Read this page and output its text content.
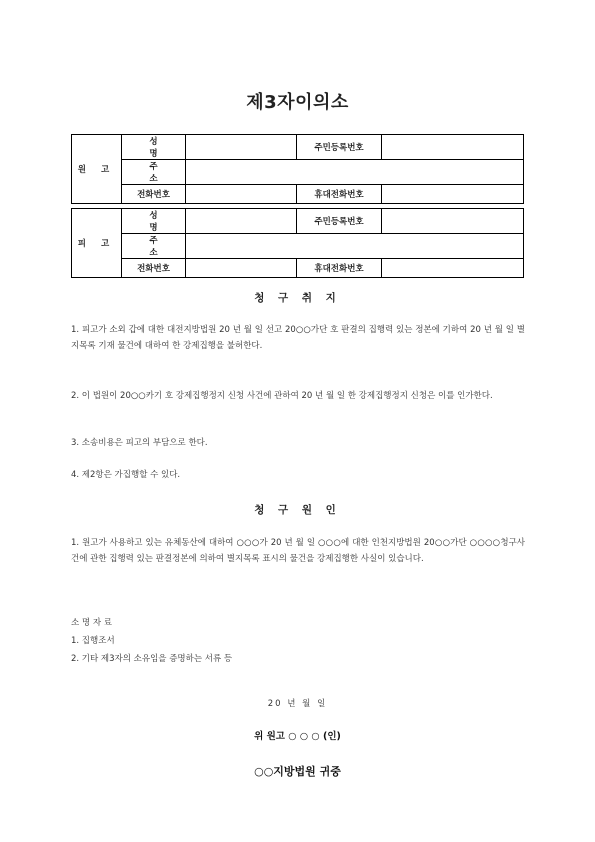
제3자이의소
원 고	성 명		주민등록번호	
	주 소			
	전화번호		휴대전화번호	

피 고	성 명		주민등록번호	
	주 소			
	전화번호		휴대전화번호	
청 구 취 지
1. 피고가 소외 갑에 대한 대전지방법원 20 년 월 일 선고 20○○가단 호 판결의 집행력 있는 정본에 기하여 20 년 월 일 별지목록 기재 물건에 대하여 한 강제집행을 불허한다.
2. 이 법원이 20○○카기 호 강제집행정지 신청 사건에 관하여 20 년 월 일 한 강제집행정지 신청은 이를 인가한다.
3. 소송비용은 피고의 부담으로 한다.
4. 제2항은 가집행할 수 있다.
청 구 원 인
1. 원고가 사용하고 있는 유체동산에 대하여 ○○○가 20 년 월 일 ○○○에 대한 인천지방법원 20○○가단 ○○○○청구사건에 관한 집행력 있는 판결정본에 의하여 별지목록 표시의 물건을 강제집행한 사실이 있습니다.
소 명 자 료
1. 집행조서
2. 기타 제3자의 소유임을 증명하는 서류 등
20 년 월 일
위 원고 ○ ○ ○ (인)
○○지방법원 귀중
